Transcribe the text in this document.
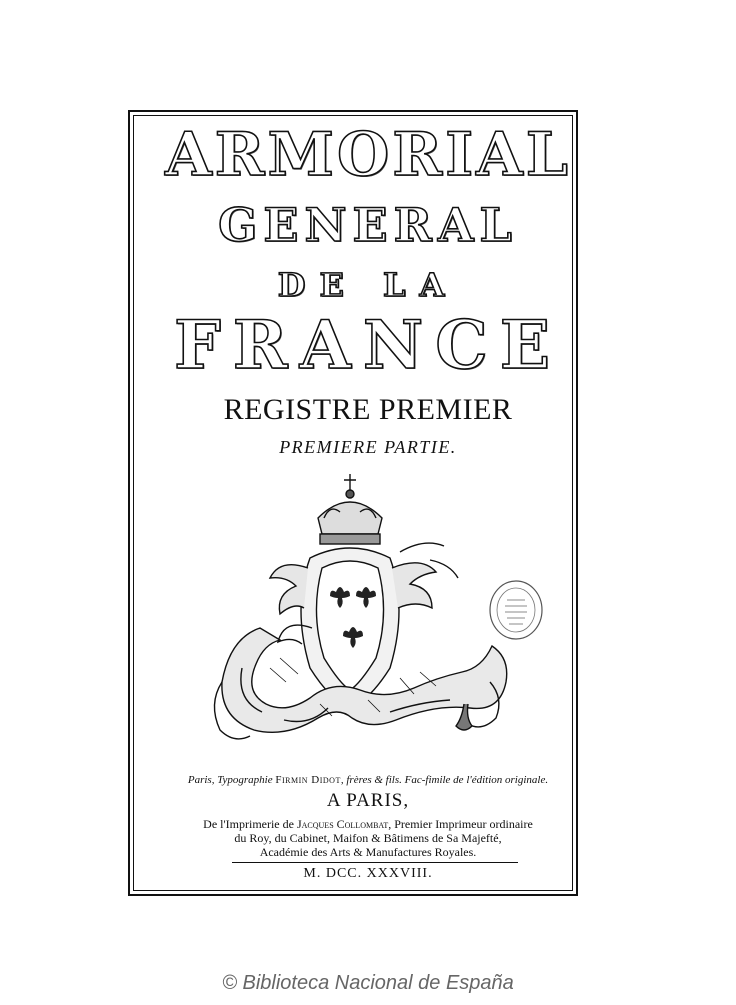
ARMORIAL
GENERAL
DE LA
FRANCE
REGISTRE PREMIER
PREMIERE PARTIE.
Paris, Typographie Firmin Didot, frères & fils. Fac-fimile de l'édition originale.
A PARIS,
De l'Imprimerie de Jacques Collombat, Premier Imprimeur ordinaire
du Roy, du Cabinet, Maifon & Bâtimens de Sa Majefté,
Académie des Arts & Manufactures Royales.
M. DCC. XXXVIII.
© Biblioteca Nacional de España
